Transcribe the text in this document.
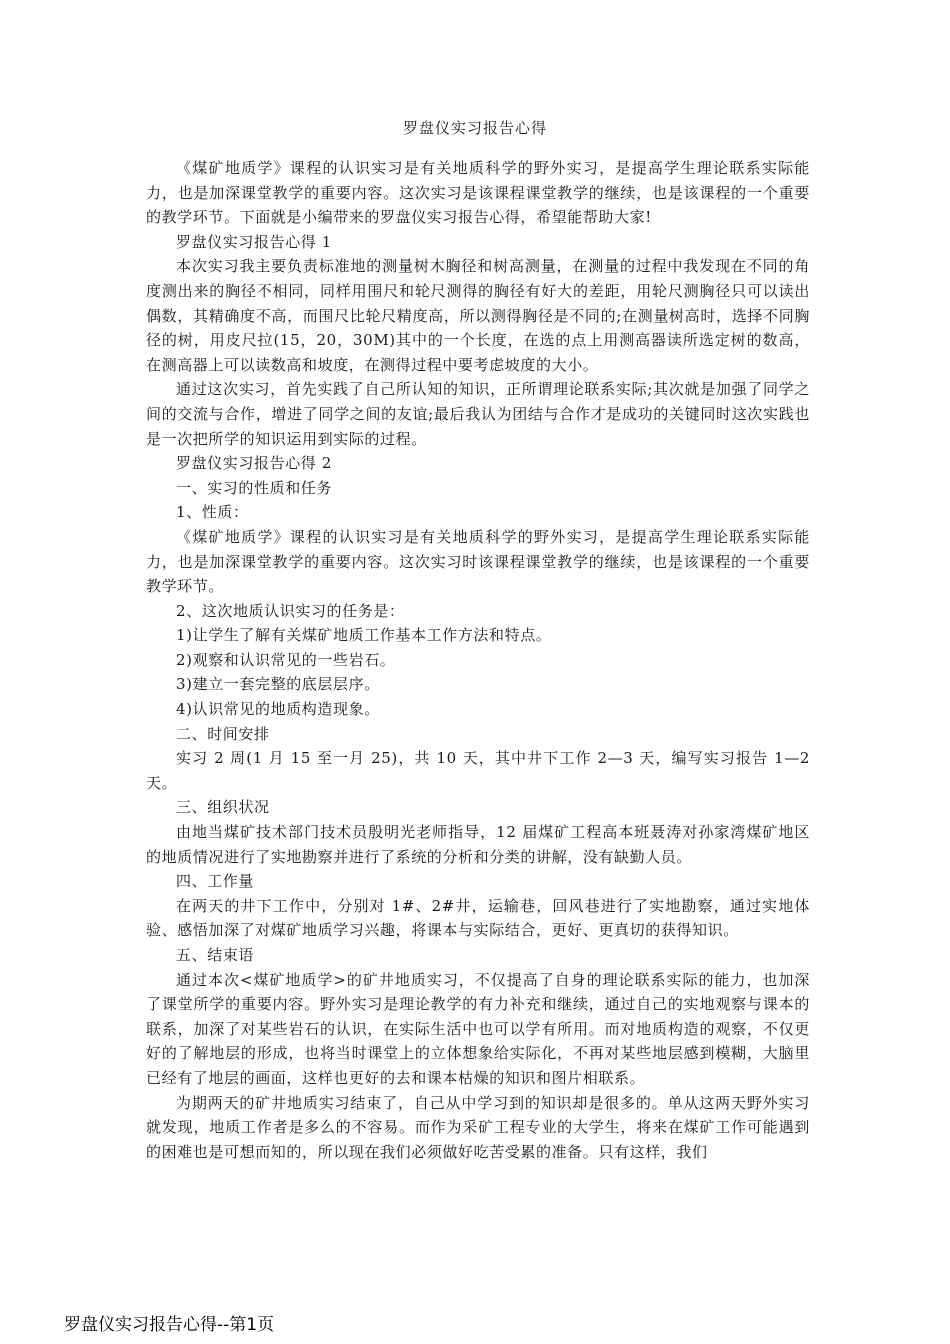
罗盘仪实习报告心得

《煤矿地质学》课程的认识实习是有关地质科学的野外实习，是提高学生理论联系实际能力，也是加深课堂教学的重要内容。这次实习是该课程课堂教学的继续，也是该课程的一个重要的教学环节。下面就是小编带来的罗盘仪实习报告心得，希望能帮助大家!

罗盘仪实习报告心得 1

本次实习我主要负责标准地的测量树木胸径和树高测量，在测量的过程中我发现在不同的角度测出来的胸径不相同，同样用围尺和轮尺测得的胸径有好大的差距，用轮尺测胸径只可以读出偶数，其精确度不高，而围尺比轮尺精度高，所以测得胸径是不同的;在测量树高时，选择不同胸径的树，用皮尺拉(15，20，30M)其中的一个长度，在选的点上用测高器读所选定树的数高，在测高器上可以读数高和坡度，在测得过程中要考虑坡度的大小。

通过这次实习，首先实践了自己所认知的知识，正所谓理论联系实际;其次就是加强了同学之间的交流与合作，增进了同学之间的友谊;最后我认为团结与合作才是成功的关键同时这次实践也是一次把所学的知识运用到实际的过程。

罗盘仪实习报告心得 2

一、实习的性质和任务

1、性质：

《煤矿地质学》课程的认识实习是有关地质科学的野外实习，是提高学生理论联系实际能力，也是加深课堂教学的重要内容。这次实习时该课程课堂教学的继续，也是该课程的一个重要教学环节。

2、这次地质认识实习的任务是：

1)让学生了解有关煤矿地质工作基本工作方法和特点。

2)观察和认识常见的一些岩石。

3)建立一套完整的底层层序。

4)认识常见的地质构造现象。

二、时间安排

实习 2 周(1 月 15 至一月 25)，共 10 天，其中井下工作 2—3 天，编写实习报告 1—2 天。

三、组织状况

由地当煤矿技术部门技术员殷明光老师指导，12 届煤矿工程高本班聂涛对孙家湾煤矿地区的地质情况进行了实地勘察并进行了系统的分析和分类的讲解，没有缺勤人员。

四、工作量

在两天的井下工作中，分别对 1#、2#井，运输巷，回风巷进行了实地勘察，通过实地体验、感悟加深了对煤矿地质学习兴趣，将课本与实际结合，更好、更真切的获得知识。

五、结束语

通过本次<煤矿地质学>的矿井地质实习，不仅提高了自身的理论联系实际的能力，也加深了课堂所学的重要内容。野外实习是理论教学的有力补充和继续，通过自己的实地观察与课本的联系，加深了对某些岩石的认识，在实际生活中也可以学有所用。而对地质构造的观察，不仅更好的了解地层的形成，也将当时课堂上的立体想象给实际化，不再对某些地层感到模糊，大脑里已经有了地层的画面，这样也更好的去和课本枯燥的知识和图片相联系。

为期两天的矿井地质实习结束了，自己从中学习到的知识却是很多的。单从这两天野外实习就发现，地质工作者是多么的不容易。而作为采矿工程专业的大学生，将来在煤矿工作可能遇到的困难也是可想而知的，所以现在我们必须做好吃苦受累的准备。只有这样，我们

罗盘仪实习报告心得--第1页
